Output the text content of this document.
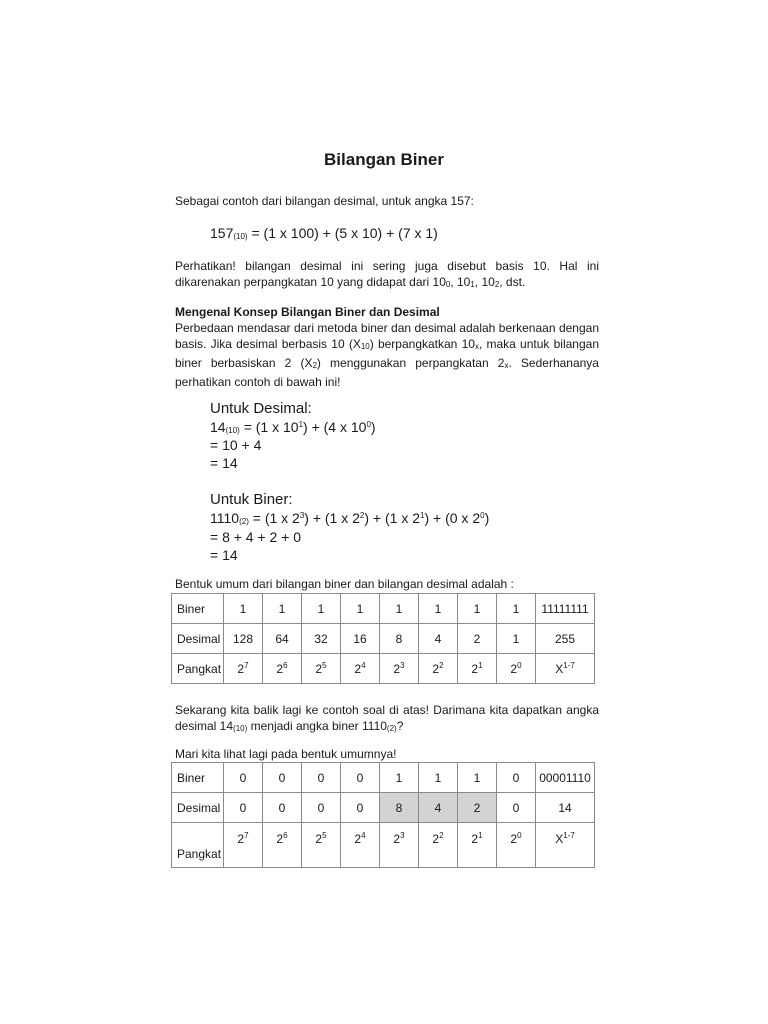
Bilangan Biner
Sebagai contoh dari bilangan desimal, untuk angka 157:
157(10) = (1 x 100) + (5 x 10) + (7 x 1)
Perhatikan! bilangan desimal ini sering juga disebut basis 10. Hal ini dikarenakan perpangkatan 10 yang didapat dari 100, 101, 102, dst.
Mengenal Konsep Bilangan Biner dan Desimal
Perbedaan mendasar dari metoda biner dan desimal adalah berkenaan dengan basis. Jika desimal berbasis 10 (X10) berpangkatkan 10x, maka untuk bilangan biner berbasiskan 2 (X2) menggunakan perpangkatan 2x. Sederhananya perhatikan contoh di bawah ini!
Untuk Desimal:
14(10) = (1 x $10^1) + (4$ x $10^0$)
= 10 + 4
= 14
Untuk Biner:
1110(2) = (1 x $2^3) + (1$ x $2^2) + (1$ x $2^1) + (0$ x $2^0$)
= 8 + 4 + 2 + 0
= 14
Bentuk umum dari bilangan biner dan bilangan desimal adalah :
Biner	1	1	1	1	1	1	1	1	11111111
Desimal	128	64	32	16	8	4	2	1	255
Pangkat	$2^7$	$2^6$	$2^5$	$2^4$	$2^3$	$2^2$	$2^1$	$2^0$	$X^{1-7}$
Sekarang kita balik lagi ke contoh soal di atas! Darimana kita dapatkan angka desimal 14(10) menjadi angka biner 1110(2)?
Mari kita lihat lagi pada bentuk umumnya!
Biner	0	0	0	0	1	1	1	0	00001110
Desimal	0	0	0	0	8	4	2	0	14
Pangkat	$2^7$	$2^6$	$2^5$	$2^4$	$2^3$	$2^2$	$2^1$	$2^0$	$X^{1-7}$
